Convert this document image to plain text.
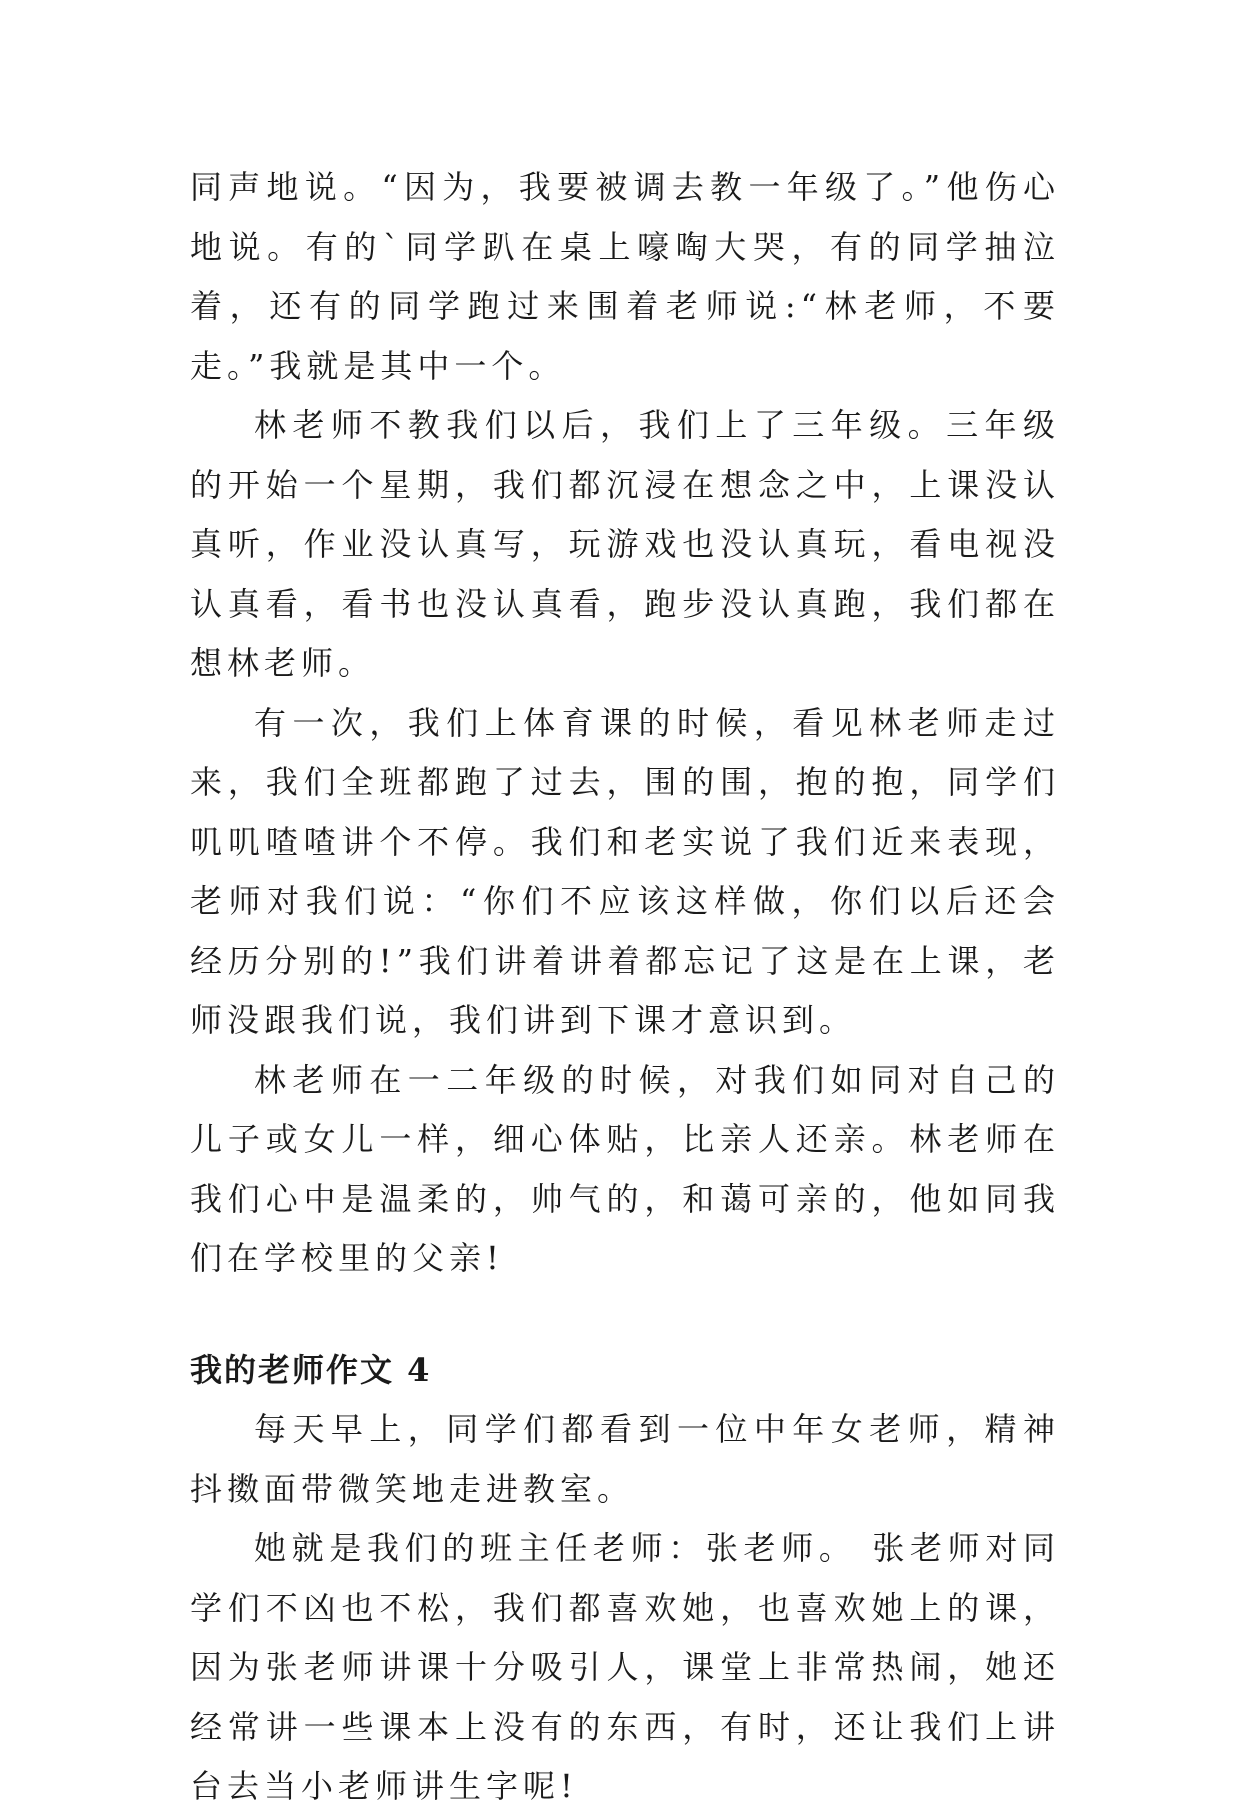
同声地说。“因为，我要被调去教一年级了。”他伤心地说。有的`同学趴在桌上嚎啕大哭，有的同学抽泣着，还有的同学跑过来围着老师说:“林老师，不要走。”我就是其中一个。

林老师不教我们以后，我们上了三年级。三年级的开始一个星期，我们都沉浸在想念之中，上课没认真听，作业没认真写，玩游戏也没认真玩，看电视没认真看，看书也没认真看，跑步没认真跑，我们都在想林老师。

有一次，我们上体育课的时候，看见林老师走过来，我们全班都跑了过去，围的围，抱的抱，同学们叽叽喳喳讲个不停。我们和老实说了我们近来表现，老师对我们说：“你们不应该这样做，你们以后还会经历分别的!”我们讲着讲着都忘记了这是在上课，老师没跟我们说，我们讲到下课才意识到。

林老师在一二年级的时候，对我们如同对自己的儿子或女儿一样，细心体贴，比亲人还亲。林老师在我们心中是温柔的，帅气的，和蔼可亲的，他如同我们在学校里的父亲!

我的老师作文 4

每天早上，同学们都看到一位中年女老师，精神抖擞面带微笑地走进教室。

她就是我们的班主任老师：张老师。 张老师对同学们不凶也不松，我们都喜欢她，也喜欢她上的课，因为张老师讲课十分吸引人，课堂上非常热闹，她还经常讲一些课本上没有的东西，有时，还让我们上讲台去当小老师讲生字呢!
